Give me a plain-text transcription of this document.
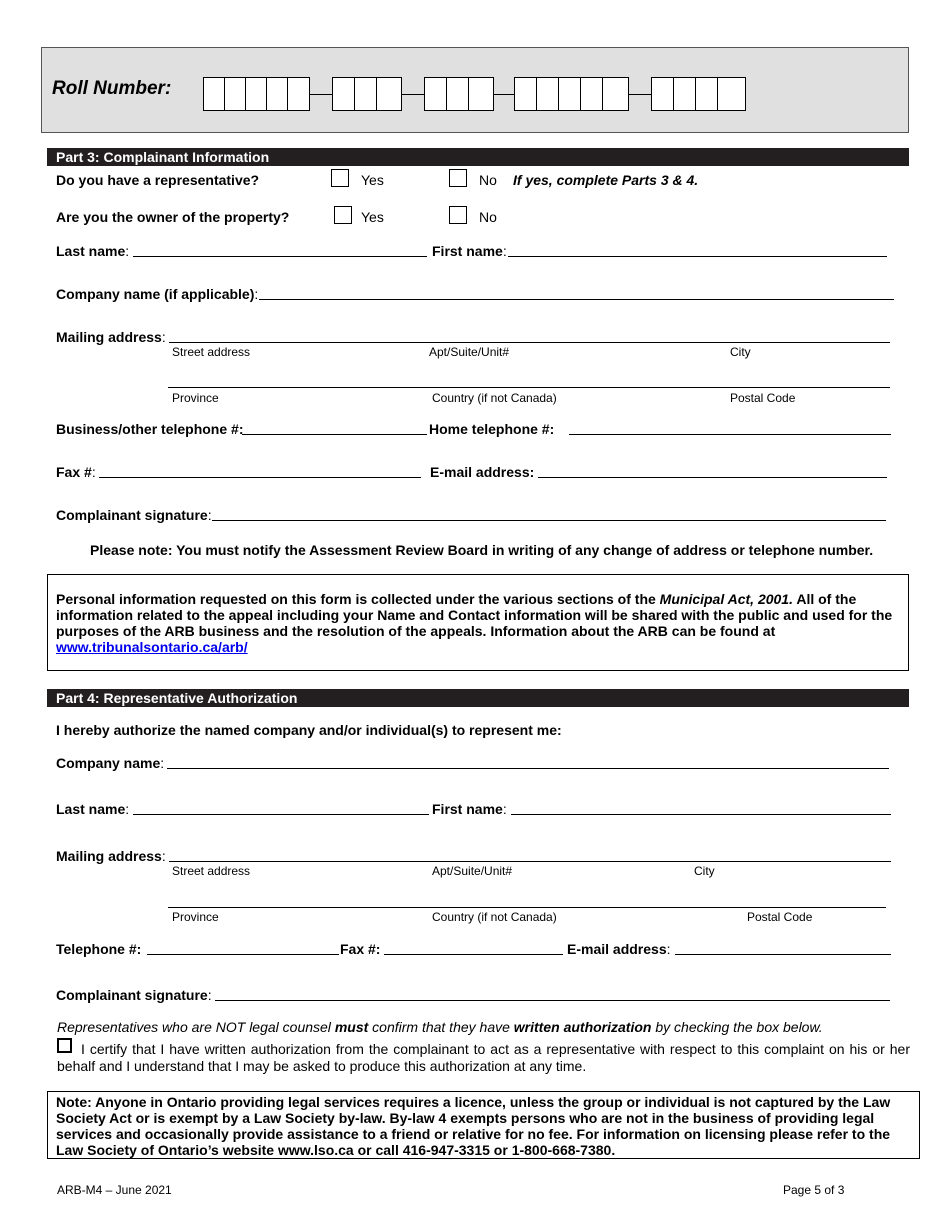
Roll Number:
Part 3: Complainant Information
Do you have a representative?	Yes	No If yes, complete Parts 3 & 4.
Are you the owner of the property?	Yes	No
Last name:	First name:
Company name (if applicable):
Mailing address:
Street address	Apt/Suite/Unit#	City
Province	Country (if not Canada)	Postal Code
Business/other telephone #:	Home telephone #:
Fax #:	E-mail address:
Complainant signature:
Please note: You must notify the Assessment Review Board in writing of any change of address or telephone number.
Personal information requested on this form is collected under the various sections of the Municipal Act, 2001. All of the information related to the appeal including your Name and Contact information will be shared with the public and used for the purposes of the ARB business and the resolution of the appeals. Information about the ARB can be found at www.tribunalsontario.ca/arb/
Part 4: Representative Authorization
I hereby authorize the named company and/or individual(s) to represent me:
Company name:
Last name:	First name:
Mailing address:
Street address	Apt/Suite/Unit#	City
Province	Country (if not Canada)	Postal Code
Telephone #:	Fax #:	E-mail address:
Complainant signature:
Representatives who are NOT legal counsel must confirm that they have written authorization by checking the box below.
I certify that I have written authorization from the complainant to act as a representative with respect to this complaint on his or her behalf and I understand that I may be asked to produce this authorization at any time.
Note: Anyone in Ontario providing legal services requires a licence, unless the group or individual is not captured by the Law Society Act or is exempt by a Law Society by-law. By-law 4 exempts persons who are not in the business of providing legal services and occasionally provide assistance to a friend or relative for no fee. For information on licensing please refer to the Law Society of Ontario’s website www.lso.ca or call 416-947-3315 or 1-800-668-7380.
ARB-M4 – June 2021	Page 5 of 3
